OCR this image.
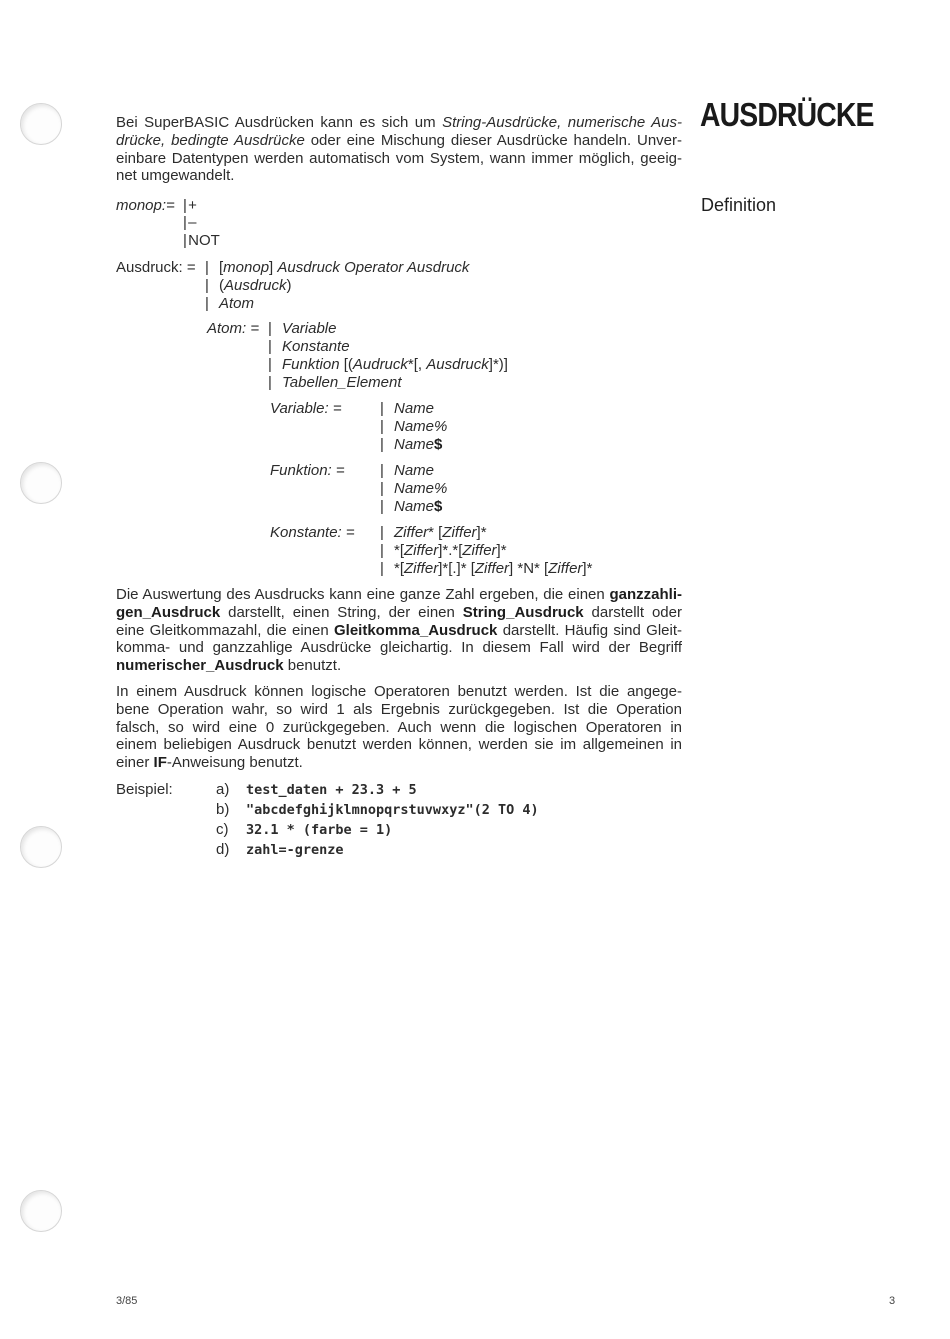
AUSDRÜCKE
Definition
Bei SuperBASIC Ausdrücken kann es sich um String-Ausdrücke, numerische Aus-
drücke, bedingte Ausdrücke oder eine Mischung dieser Ausdrücke handeln. Unver-
einbare Datentypen werden automatisch vom System, wann immer möglich, geeig-
net umgewandelt.
monop:= | +
| –
| NOT
Ausdruck: = | [monop] Ausdruck Operator Ausdruck
| (Ausdruck)
| Atom
Atom: = | Variable
| Konstante
| Funktion [(Audruck*[, Ausdruck]*)]
| Tabellen_Element
Variable: =	| Name
| Name%
| Name$
Funktion: = | Name
| Name%
| Name$
Konstante: = | Ziffer* [Ziffer]*
| *[Ziffer]*.*[Ziffer]*
| *[Ziffer]*[.]* [Ziffer] *N* [Ziffer]*
Die Auswertung des Ausdrucks kann eine ganze Zahl ergeben, die einen ganzzahli-
gen_Ausdruck darstellt, einen String, der einen String_Ausdruck darstellt oder
eine Gleitkommazahl, die einen Gleitkomma_Ausdruck darstellt. Häufig sind Gleit-
komma- und ganzzahlige Ausdrücke gleichartig. In diesem Fall wird der Begriff
numerischer_Ausdruck benutzt.
In einem Ausdruck können logische Operatoren benutzt werden. Ist die angege-
bene Operation wahr, so wird 1 als Ergebnis zurückgegeben. Ist die Operation
falsch, so wird eine 0 zurückgegeben. Auch wenn die logischen Operatoren in
einem beliebigen Ausdruck benutzt werden können, werden sie im allgemeinen in
einer IF-Anweisung benutzt.
Beispiel:	a) test_daten + 23.3 + 5
b) "abcdefghijklmnopqrstuvwxyz"(2 TO 4)
c) 32.1 * (farbe = 1)
d) zahl=-grenze
3/85	3
